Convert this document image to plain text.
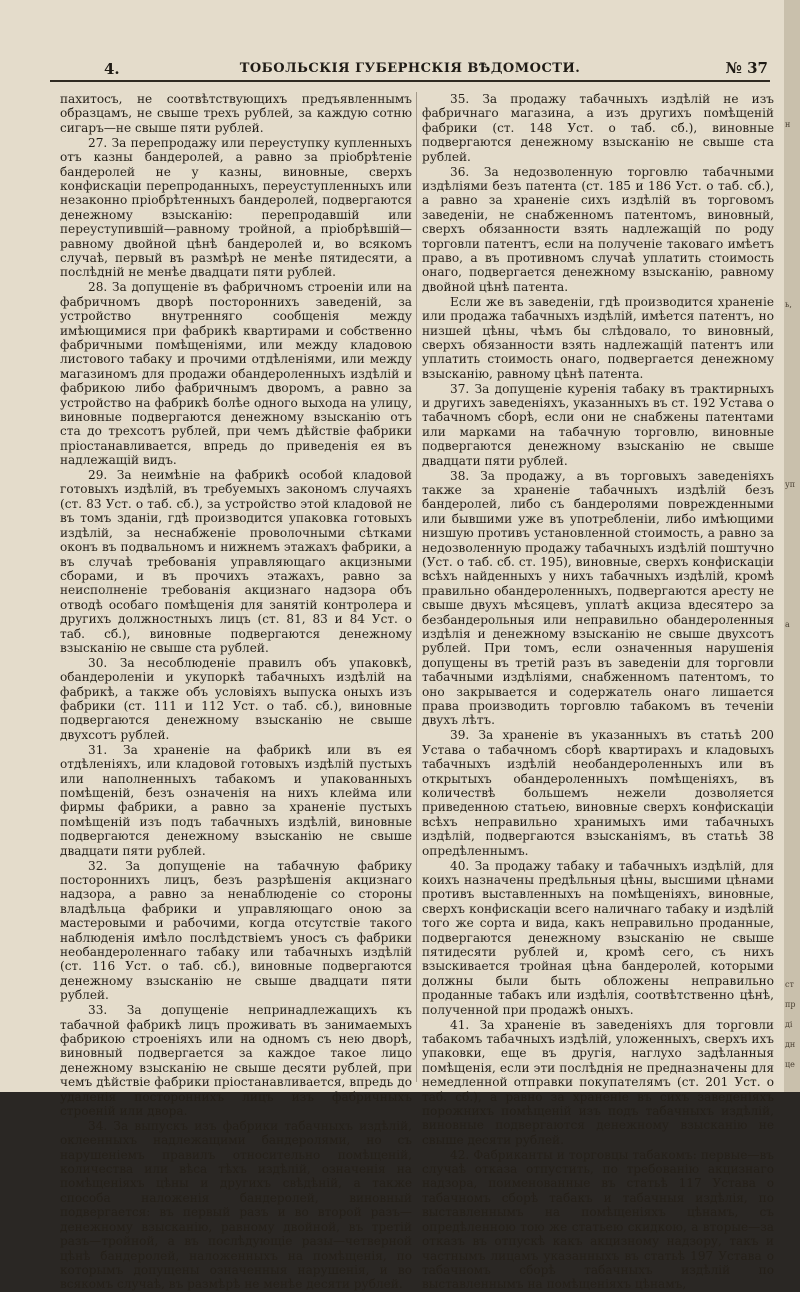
4.	ТОБОЛЬСКІЯ ГУБЕРНСКІЯ ВѢДОМОСТИ.	№ 37

пахитосъ, не соотвѣтствующихъ предъявленнымъ образцамъ, не свыше трехъ рублей, за каждую сотню сигаръ—не свыше пяти рублей.

27. За перепродажу или переуступку купленныхъ отъ казны бандеролей, а равно за пріобрѣтеніе бандеролей не у казны, виновные, сверхъ конфискаціи перепроданныхъ, переуступленныхъ или незаконно пріобрѣтенныхъ бандеролей, подвергаются денежному взысканію: перепродавшій или переуступившій—равному тройной, а пріобрѣвшій—равному двойной цѣнѣ бандеролей и, во всякомъ случаѣ, первый въ размѣрѣ не менѣе пятидесяти, а послѣдній не менѣе двадцати пяти рублей.

28. За допущеніе въ фабричномъ строеніи или на фабричномъ дворѣ постороннихъ заведеній, за устройство внутренняго сообщенія между имѣющимися при фабрикѣ квартирами и собственно фабричными помѣщеніями, или между кладовою листового табаку и прочими отдѣленіями, или между магазиномъ для продажи обандероленныхъ издѣлій и фабрикою либо фабричнымъ дворомъ, а равно за устройство на фабрикѣ болѣе одного выхода на улицу, виновные подвергаются денежному взысканію отъ ста до трехсотъ рублей, при чемъ дѣйствіе фабрики пріостанавливается, впредь до приведенія ея въ надлежащій видъ.

29. За неимѣніе на фабрикѣ особой кладовой готовыхъ издѣлій, въ требуемыхъ закономъ случаяхъ (ст. 83 Уст. о таб. сб.), за устройство этой кладовой не въ томъ зданіи, гдѣ производится упаковка готовыхъ издѣлій, за неснабженіе проволочными сѣтками оконъ въ подвальномъ и нижнемъ этажахъ фабрики, а въ случаѣ требованія управляющаго акцизными сборами, и въ прочихъ этажахъ, равно за неисполненіе требованія акцизнаго надзора объ отводѣ особаго помѣщенія для занятій контролера и другихъ должностныхъ лицъ (ст. 81, 83 и 84 Уст. о таб. сб.), виновные подвергаются денежному взысканію не свыше ста рублей.

30. За несоблюденіе правилъ объ упаковкѣ, обандероленіи и укупоркѣ табачныхъ издѣлій на фабрикѣ, а также объ условіяхъ выпуска оныхъ изъ фабрики (ст. 111 и 112 Уст. о таб. сб.), виновные подвергаются денежному взысканію не свыше двухсотъ рублей.

31. За храненіе на фабрикѣ или въ ея отдѣленіяхъ, или кладовой готовыхъ издѣлій пустыхъ или наполненныхъ табакомъ и упакованныхъ помѣщеній, безъ означенія на нихъ клейма или фирмы фабрики, а равно за храненіе пустыхъ помѣщеній изъ подъ табачныхъ издѣлій, виновные подвергаются денежному взысканію не свыше двадцати пяти рублей.

32. За допущеніе на табачную фабрику постороннихъ лицъ, безъ разрѣшенія акцизнаго надзора, а равно за ненаблюденіе со стороны владѣльца фабрики и управляющаго оною за мастеровыми и рабочими, когда отсутствіе такого наблюденія имѣло послѣдствіемъ уносъ съ фабрики необандероленнаго табаку или табачныхъ издѣлій (ст. 116 Уст. о таб. сб.), виновные подвергаются денежному взысканію не свыше двадцати пяти рублей.

33. За допущеніе непринадлежащихъ къ табачной фабрикѣ лицъ проживать въ занимаемыхъ фабрикою строеніяхъ или на одномъ съ нею дворѣ, виновный подвергается за каждое такое лицо денежному взысканію не свыше десяти рублей, при чемъ дѣйствіе фабрики пріостанавливается, впредь до удаленія постороннихъ лицъ изъ фабричныхъ строеній или двора.

34. За выпускъ изъ фабрики табачныхъ издѣлій, оклеенныхъ надлежащими бандеролями, но съ нарушеніемъ правилъ относительно помѣщеній, количества или вѣса тѣхъ издѣлій, означенія на помѣщеніяхъ цѣны и другихъ свѣдѣній, а также способа наложенія бандеролей, виновный подвергается: въ первый разъ и во второй разъ—денежному взысканію, равному двойной, въ третій разъ—тройной, а въ послѣдующіе разы—четверной цѣнѣ бандеролей, наложенныхъ на помѣщенія, по которымъ допущены означенныя нарушенія, и во всякомъ случаѣ, въ размѣрѣ не менѣе десяти рублей.

35. За продажу табачныхъ издѣлій не изъ фабричнаго магазина, а изъ другихъ помѣщеній фабрики (ст. 148 Уст. о таб. сб.), виновные подвергаются денежному взысканію не свыше ста рублей.

36. За недозволенную торговлю табачными издѣліями безъ патента (ст. 185 и 186 Уст. о таб. сб.), а равно за храненіе сихъ издѣлій въ торговомъ заведеніи, не снабженномъ патентомъ, виновный, сверхъ обязанности взять надлежащій по роду торговли патентъ, если на полученіе таковаго имѣетъ право, а въ противномъ случаѣ уплатить стоимость онаго, подвергается денежному взысканію, равному двойной цѣнѣ патента.

Если же въ заведеніи, гдѣ производится храненіе или продажа табачныхъ издѣлій, имѣется патентъ, но низшей цѣны, чѣмъ бы слѣдовало, то виновный, сверхъ обязанности взять надлежащій патентъ или уплатить стоимость онаго, подвергается денежному взысканію, равному цѣнѣ патента.

37. За допущеніе куренія табаку въ трактирныхъ и другихъ заведеніяхъ, указанныхъ въ ст. 192 Устава о табачномъ сборѣ, если они не снабжены патентами или марками на табачную торговлю, виновные подвергаются денежному взысканію не свыше двадцати пяти рублей.

38. За продажу, а въ торговыхъ заведеніяхъ также за храненіе табачныхъ издѣлій безъ бандеролей, либо съ бандеролями поврежденными или бывшими уже въ употребленіи, либо имѣющими низшую противъ установленной стоимость, а равно за недозволенную продажу табачныхъ издѣлій поштучно (Уст. о таб. сб. ст. 195), виновные, сверхъ конфискаціи всѣхъ найденныхъ у нихъ табачныхъ издѣлій, кромѣ правильно обандероленныхъ, подвергаются аресту не свыше двухъ мѣсяцевъ, уплатѣ акциза вдесятеро за безбандерольныя или неправильно обандероленныя издѣлія и денежному взысканію не свыше двухсотъ рублей. При томъ, если означенныя нарушенія допущены въ третій разъ въ заведеніи для торговли табачными издѣліями, снабженномъ патентомъ, то оно закрывается и содержатель онаго лишается права производить торговлю табакомъ въ теченіи двухъ лѣтъ.

39. За храненіе въ указанныхъ въ статьѣ 200 Устава о табачномъ сборѣ квартирахъ и кладовыхъ табачныхъ издѣлій необандероленныхъ или въ открытыхъ обандероленныхъ помѣщеніяхъ, въ количествѣ большемъ нежели дозволяется приведенною статьею, виновные сверхъ конфискаціи всѣхъ неправильно хранимыхъ ими табачныхъ издѣлій, подвергаются взысканіямъ, въ статьѣ 38 опредѣленнымъ.

40. За продажу табаку и табачныхъ издѣлій, для коихъ назначены предѣльныя цѣны, высшими цѣнами противъ выставленныхъ на помѣщеніяхъ, виновные, сверхъ конфискаціи всего наличнаго табаку и издѣлій того же сорта и вида, какъ неправильно проданные, подвергаются денежному взысканію не свыше пятидесяти рублей и, кромѣ сего, съ нихъ взыскивается тройная цѣна бандеролей, которыми должны были быть обложены неправильно проданные табакъ или издѣлія, соотвѣтственно цѣнѣ, полученной при продажѣ оныхъ.

41. За храненіе въ заведеніяхъ для торговли табакомъ табачныхъ издѣлій, уложенныхъ, сверхъ ихъ упаковки, еще въ другія, наглухо задѣланныя помѣщенія, если эти послѣднія не предназначены для немедленной отправки покупателямъ (ст. 201 Уст. о таб. сб.), а равно за храненіе въ сихъ заведеніяхъ порожнихъ помѣщеній изъ подъ табачныхъ издѣлій, виновные подвергаются денежному взысканію не свыше десяти рублей.

42. Фабриканты и торговцы табакомъ: первые—въ случаѣ отказа отпустить, по требованію акцизнаго надзора, поименованные въ статьѣ 117 Устава о табачномъ сборѣ табакъ и табачныя издѣлія, по выставленнымъ на помѣщеніяхъ цѣнамъ, съ опредѣленною тою же статьею скидкою, а вторые—за отказъ въ отпускѣ какъ акцизному надзору, такъ и частнымъ лицамъ указанныхъ въ статьѣ 197 Устава о табачномъ сборѣ табачныхъ издѣлій по выставленнымъ на помѣщеніяхъ цѣнамъ,

н
ь,
уп
а
ст
пр
ді
дн
це
